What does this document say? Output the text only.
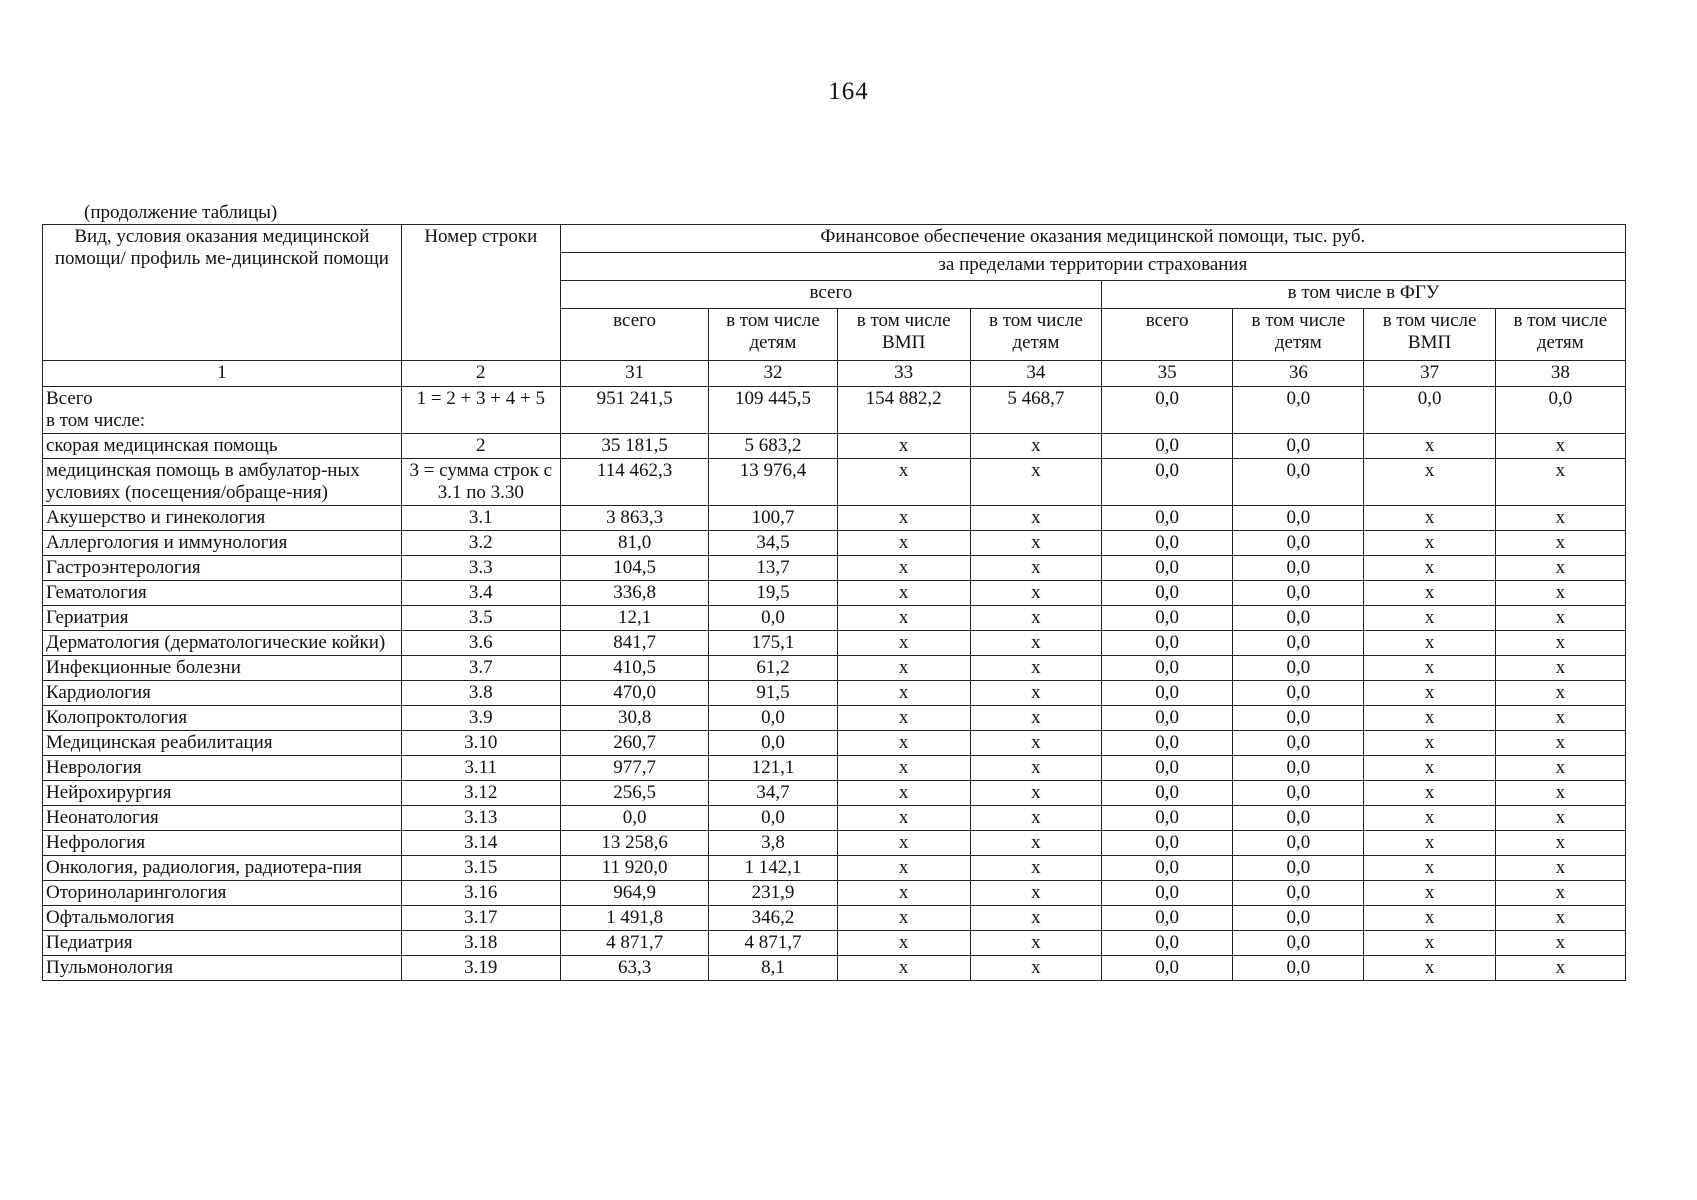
164
(продолжение таблицы)
Вид, условия оказания медицинской помощи/ профиль ме-дицинской помощи	Номер строки	Финансовое обеспечение оказания медицинской помощи, тыс. руб.							
		за пределами территории страхования							
		всего				в том числе в ФГУ			
		всего	в том числе детям	в том числе ВМП	в том числе детям	всего	в том числе детям	в том числе ВМП	в том числе детям
1	2	31	32	33	34	35	36	37	38
Всего
в том числе:	1 = 2 + 3 + 4 + 5	951 241,5	109 445,5	154 882,2	5 468,7	0,0	0,0	0,0	0,0
скорая медицинская помощь	2	35 181,5	5 683,2	х	х	0,0	0,0	х	х
медицинская помощь в амбулатор-ных условиях (посещения/обраще-ния)	3 = сумма строк с 3.1 по 3.30	114 462,3	13 976,4	х	х	0,0	0,0	х	х
Акушерство и гинекология	3.1	3 863,3	100,7	х	х	0,0	0,0	х	х
Аллергология и иммунология	3.2	81,0	34,5	х	х	0,0	0,0	х	х
Гастроэнтерология	3.3	104,5	13,7	х	х	0,0	0,0	х	х
Гематология	3.4	336,8	19,5	х	х	0,0	0,0	х	х
Гериатрия	3.5	12,1	0,0	х	х	0,0	0,0	х	х
Дерматология (дерматологические койки)	3.6	841,7	175,1	х	х	0,0	0,0	х	х
Инфекционные болезни	3.7	410,5	61,2	х	х	0,0	0,0	х	х
Кардиология	3.8	470,0	91,5	х	х	0,0	0,0	х	х
Колопроктология	3.9	30,8	0,0	х	х	0,0	0,0	х	х
Медицинская реабилитация	3.10	260,7	0,0	х	х	0,0	0,0	х	х
Неврология	3.11	977,7	121,1	х	х	0,0	0,0	х	х
Нейрохирургия	3.12	256,5	34,7	х	х	0,0	0,0	х	х
Неонатология	3.13	0,0	0,0	х	х	0,0	0,0	х	х
Нефрология	3.14	13 258,6	3,8	х	х	0,0	0,0	х	х
Онкология, радиология, радиотера-пия	3.15	11 920,0	1 142,1	х	х	0,0	0,0	х	х
Оториноларингология	3.16	964,9	231,9	х	х	0,0	0,0	х	х
Офтальмология	3.17	1 491,8	346,2	х	х	0,0	0,0	х	х
Педиатрия	3.18	4 871,7	4 871,7	х	х	0,0	0,0	х	х
Пульмонология	3.19	63,3	8,1	х	х	0,0	0,0	х	х
